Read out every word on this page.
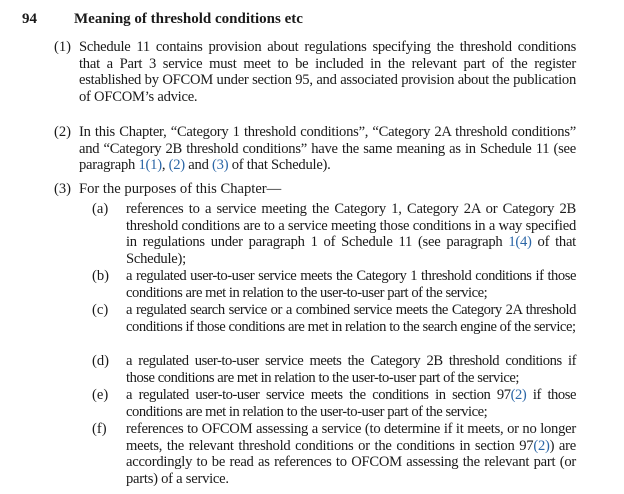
94 Meaning of threshold conditions etc
(1) Schedule 11 contains provision about regulations specifying the threshold conditions that a Part 3 service must meet to be included in the relevant part of the register established by OFCOM under section 95, and associated provision about the publication of OFCOM’s advice.
(2) In this Chapter, “Category 1 threshold conditions”, “Category 2A threshold conditions” and “Category 2B threshold conditions” have the same meaning as in Schedule 11 (see paragraph 1(1), (2) and (3) of that Schedule).
(3) For the purposes of this Chapter—
(a) references to a service meeting the Category 1, Category 2A or Category 2B threshold conditions are to a service meeting those conditions in a way specified in regulations under paragraph 1 of Schedule 11 (see paragraph 1(4) of that Schedule);
(b) a regulated user-to-user service meets the Category 1 threshold conditions if those conditions are met in relation to the user-to-user part of the service;
(c) a regulated search service or a combined service meets the Category 2A threshold conditions if those conditions are met in relation to the search engine of the service;
(d) a regulated user-to-user service meets the Category 2B threshold conditions if those conditions are met in relation to the user-to-user part of the service;
(e) a regulated user-to-user service meets the conditions in section 97(2) if those conditions are met in relation to the user-to-user part of the service;
(f) references to OFCOM assessing a service (to determine if it meets, or no longer meets, the relevant threshold conditions or the conditions in section 97(2)) are accordingly to be read as references to OFCOM assessing the relevant part (or parts) of a service.
